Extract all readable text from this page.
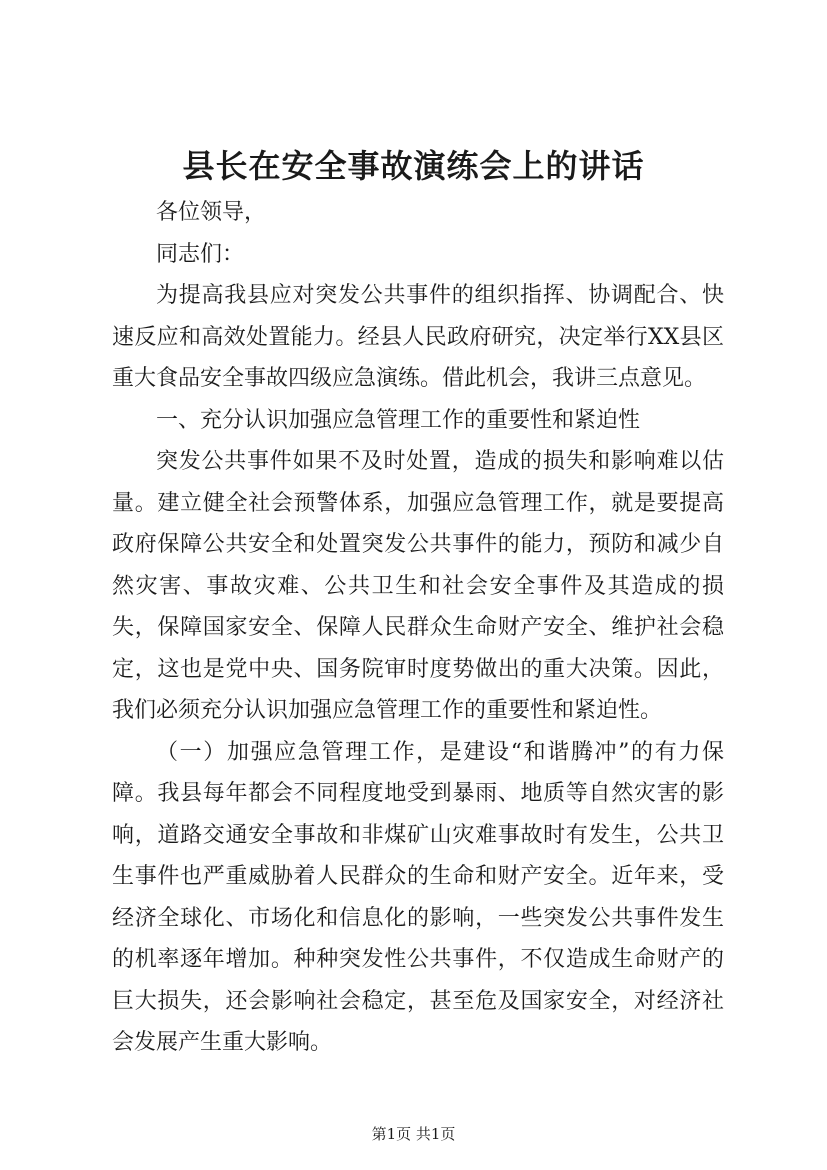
县长在安全事故演练会上的讲话

各位领导，

同志们：

为提高我县应对突发公共事件的组织指挥、协调配合、快速反应和高效处置能力。经县人民政府研究，决定举行XX县区重大食品安全事故四级应急演练。借此机会，我讲三点意见。

一、充分认识加强应急管理工作的重要性和紧迫性

突发公共事件如果不及时处置，造成的损失和影响难以估量。建立健全社会预警体系，加强应急管理工作，就是要提高政府保障公共安全和处置突发公共事件的能力，预防和减少自然灾害、事故灾难、公共卫生和社会安全事件及其造成的损失，保障国家安全、保障人民群众生命财产安全、维护社会稳定，这也是党中央、国务院审时度势做出的重大决策。因此，我们必须充分认识加强应急管理工作的重要性和紧迫性。

（一）加强应急管理工作，是建设“和谐腾冲”的有力保障。我县每年都会不同程度地受到暴雨、地质等自然灾害的影响，道路交通安全事故和非煤矿山灾难事故时有发生，公共卫生事件也严重威胁着人民群众的生命和财产安全。近年来，受经济全球化、市场化和信息化的影响，一些突发公共事件发生的机率逐年增加。种种突发性公共事件，不仅造成生命财产的巨大损失，还会影响社会稳定，甚至危及国家安全，对经济社会发展产生重大影响。

第1页 共1页
